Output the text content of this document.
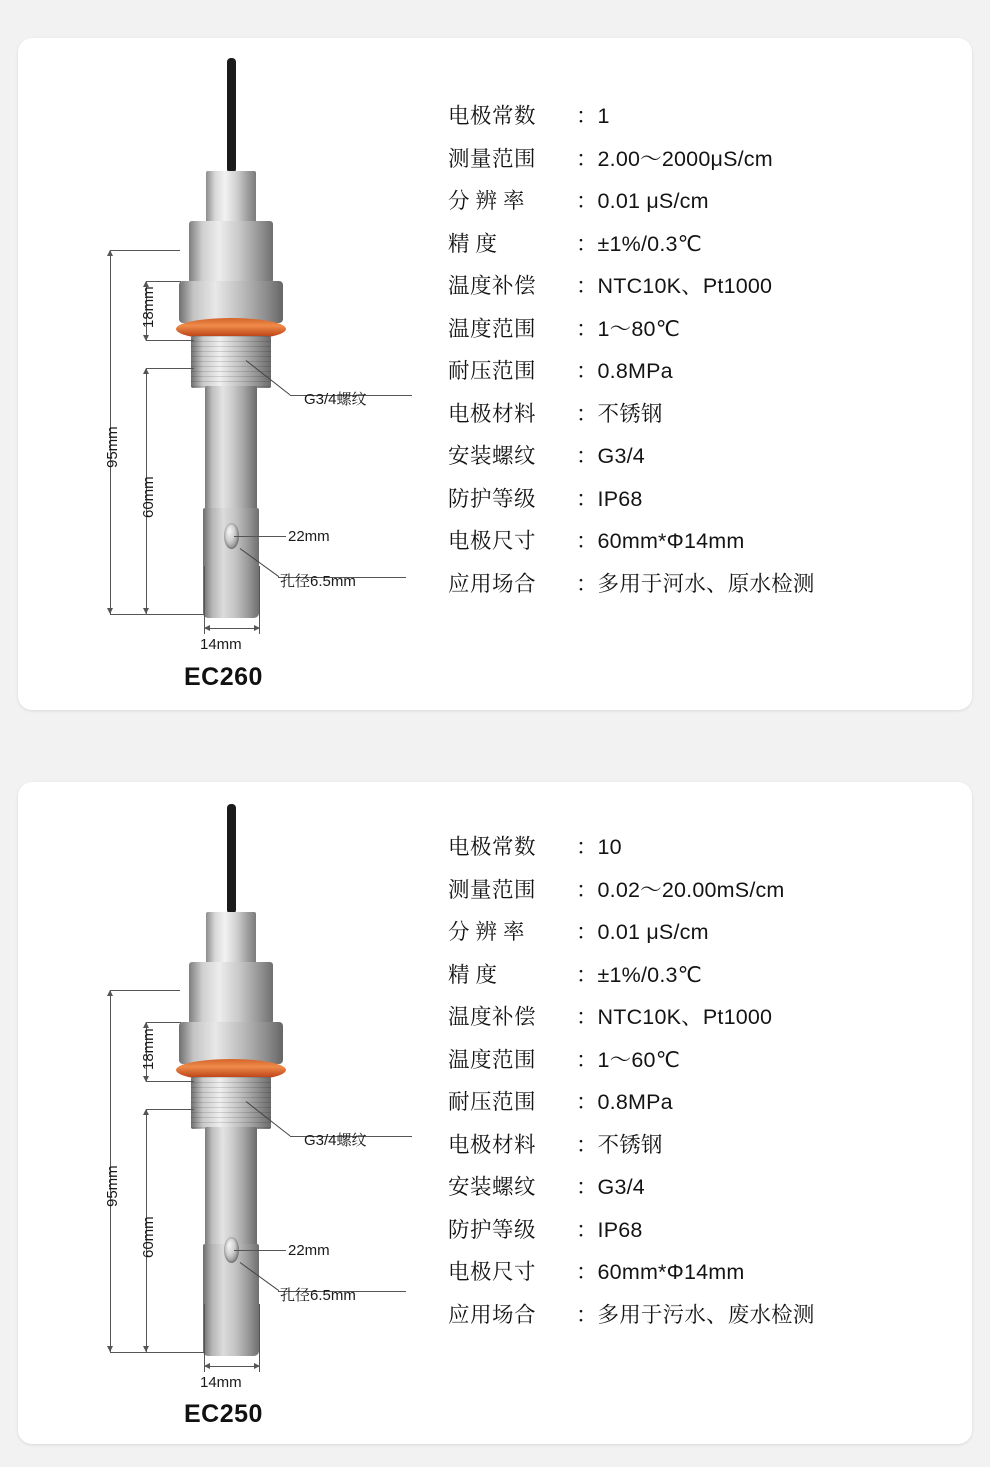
95mm
18mm
60mm
14mm
G3/4螺纹
22mm
孔径6.5mm
EC260
电极常数	： 1
测量范围	： 2.00～2000μS/cm
分 辨 率	： 0.01 μS/cm
精 度	： ±1%/0.3℃
温度补偿	： NTC10K、Pt1000
温度范围	： 1～80℃
耐压范围	： 0.8MPa
电极材料	： 不锈钢
安装螺纹	： G3/4
防护等级	： IP68
电极尺寸	： 60mm*Φ14mm
应用场合	： 多用于河水、原水检测
95mm
18mm
60mm
14mm
G3/4螺纹
22mm
孔径6.5mm
EC250
电极常数	： 10
测量范围	： 0.02～20.00mS/cm
分 辨 率	： 0.01 μS/cm
精 度	： ±1%/0.3℃
温度补偿	： NTC10K、Pt1000
温度范围	： 1～60℃
耐压范围	： 0.8MPa
电极材料	： 不锈钢
安装螺纹	： G3/4
防护等级	： IP68
电极尺寸	： 60mm*Φ14mm
应用场合	： 多用于污水、废水检测
